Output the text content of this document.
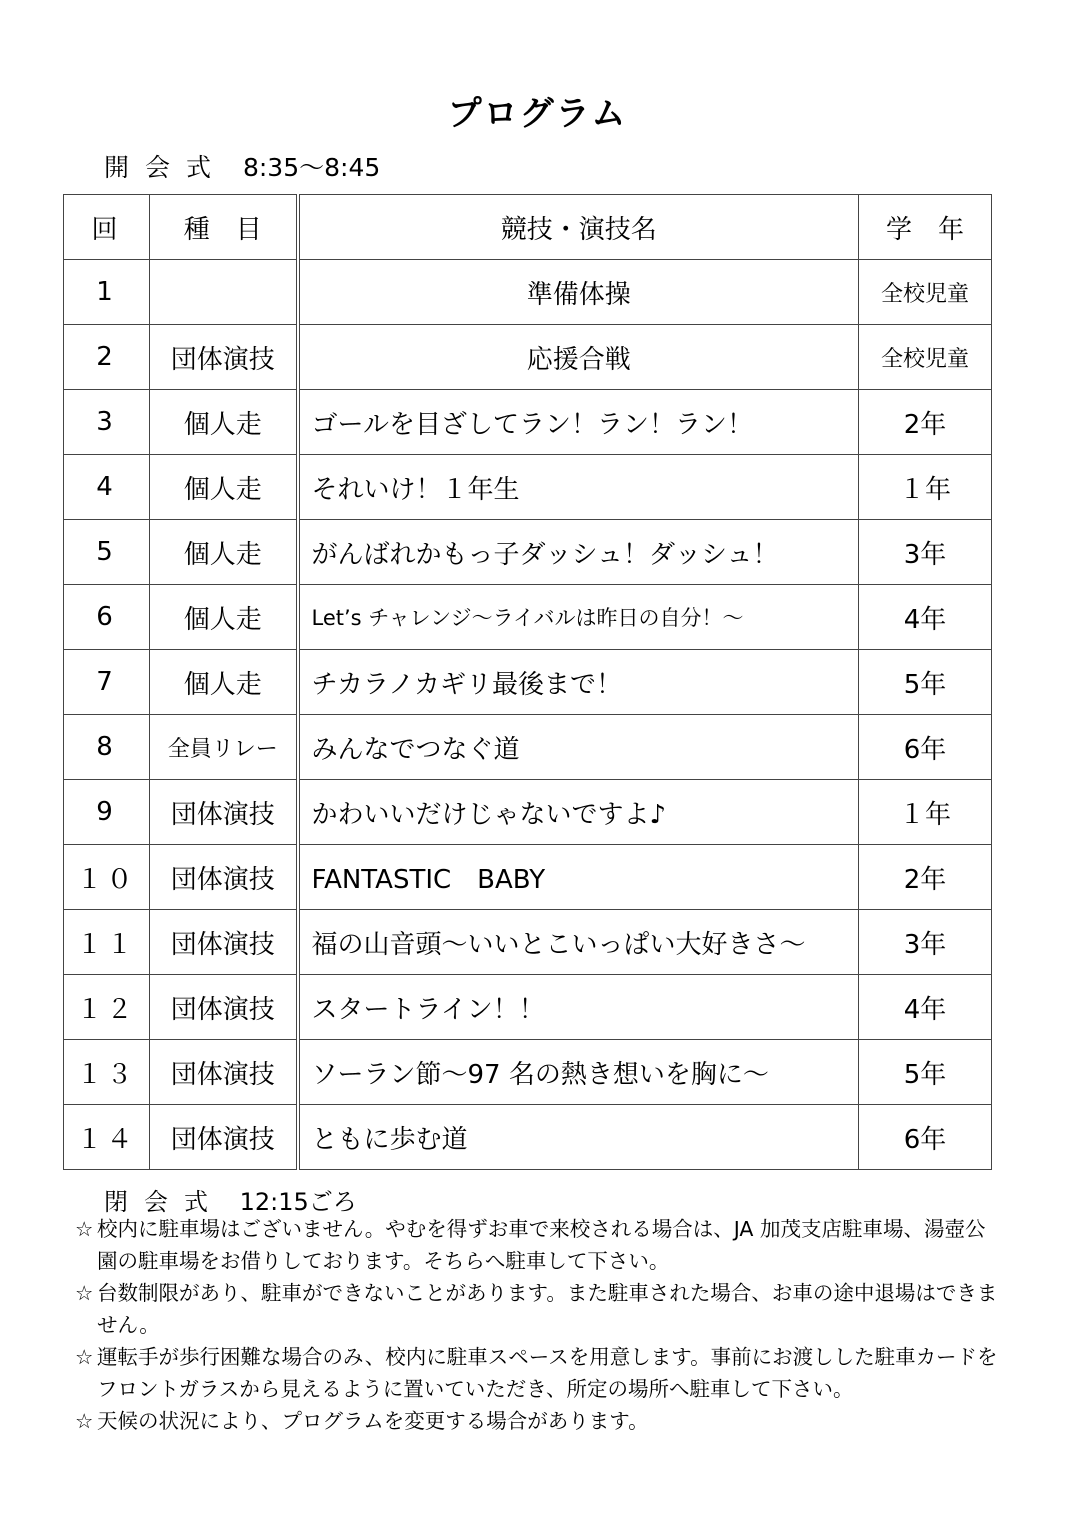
プログラム
開会式 8:35〜8:45
回	種　目	競技・演技名	学　年
1		準備体操	全校児童
2	団体演技	応援合戦	全校児童
3	個人走	ゴールを目ざしてラン！ラン！ラン！	2年
4	個人走	それいけ！１年生	１年
5	個人走	がんばれかもっ子ダッシュ！ダッシュ！	3年
6	個人走	Let’s チャレンジ〜ライバルは昨日の自分！〜	4年
7	個人走	チカラノカギリ最後まで！	5年
8	全員リレー	みんなでつなぐ道	6年
9	団体演技	かわいいだけじゃないですよ♪	１年
１０	団体演技	FANTASTIC　BABY	2年
１１	団体演技	福の山音頭〜いいとこいっぱい大好きさ〜	3年
１２	団体演技	スタートライン！！	4年
１３	団体演技	ソーラン節〜97 名の熱き想いを胸に〜	5年
１４	団体演技	ともに歩む道	6年
閉会式 12:15ごろ
☆ 校内に駐車場はございません。やむを得ずお車で来校される場合は、JA 加茂支店駐車場、湯壺公園の駐車場をお借りしております。そちらへ駐車して下さい。
☆ 台数制限があり、駐車ができないことがあります。また駐車された場合、お車の途中退場はできません。
☆ 運転手が歩行困難な場合のみ、校内に駐車スペースを用意します。事前にお渡しした駐車カードをフロントガラスから見えるように置いていただき、所定の場所へ駐車して下さい。
☆ 天候の状況により、プログラムを変更する場合があります。
